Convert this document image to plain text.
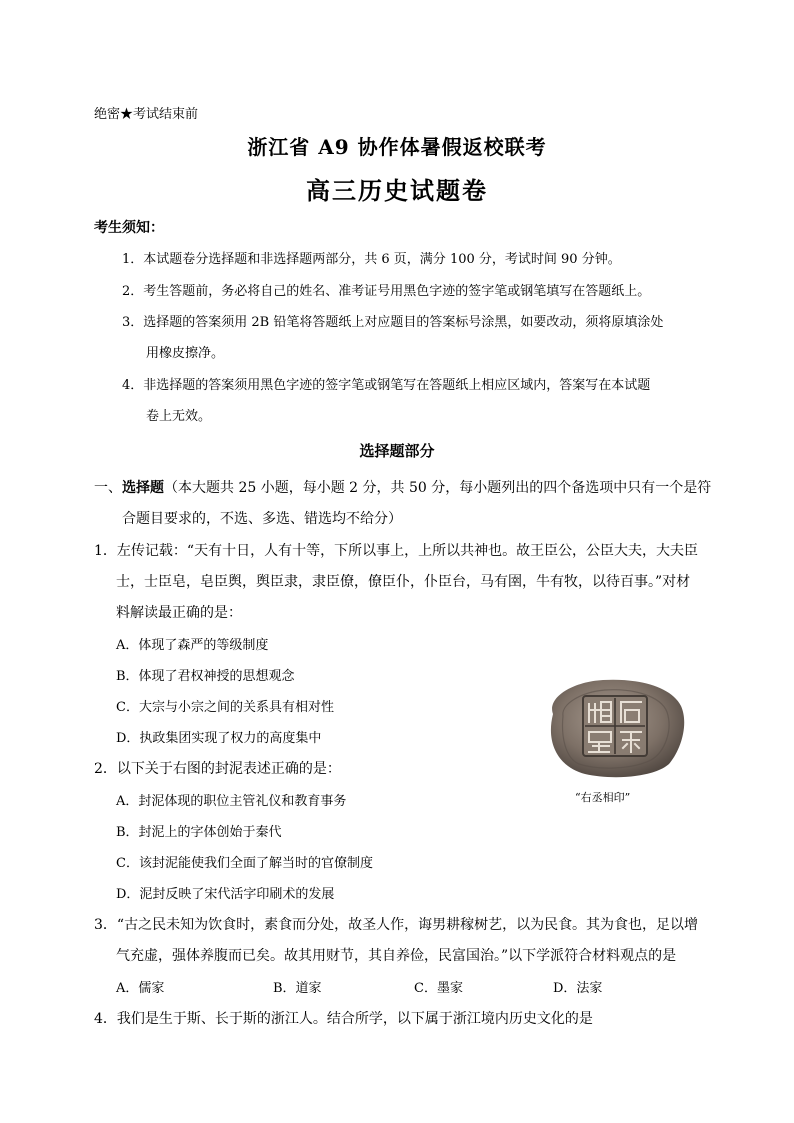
绝密★考试结束前
浙江省 A9 协作体暑假返校联考
高三历史试题卷
考生须知：
1．本试题卷分选择题和非选择题两部分，共 6 页，满分 100 分，考试时间 90 分钟。
2．考生答题前，务必将自己的姓名、准考证号用黑色字迹的签字笔或钢笔填写在答题纸上。
3．选择题的答案须用 2B 铅笔将答题纸上对应题目的答案标号涂黑，如要改动，须将原填涂处
用橡皮擦净。
4．非选择题的答案须用黑色字迹的签字笔或钢笔写在答题纸上相应区域内，答案写在本试题
卷上无效。
选择题部分
一、选择题（本大题共 25 小题，每小题 2 分，共 50 分，每小题列出的四个备选项中只有一个是符
合题目要求的，不选、多选、错选均不给分）
1．左传记载：“天有十日，人有十等，下所以事上，上所以共神也。故王臣公，公臣大夫，大夫臣
士，士臣皂，皂臣舆，舆臣隶，隶臣僚，僚臣仆，仆臣台，马有圉，牛有牧，以待百事。”对材
料解读最正确的是：
A．体现了森严的等级制度
B．体现了君权神授的思想观念
C．大宗与小宗之间的关系具有相对性
D．执政集团实现了权力的高度集中
2．以下关于右图的封泥表述正确的是：
A．封泥体现的职位主管礼仪和教育事务
B．封泥上的字体创始于秦代
C．该封泥能使我们全面了解当时的官僚制度
D．泥封反映了宋代活字印刷术的发展
“右丞相印”
3．“古之民未知为饮食时，素食而分处，故圣人作，诲男耕稼树艺，以为民食。其为食也，足以增
气充虚，强体养腹而已矣。故其用财节，其自养俭，民富国治。”以下学派符合材料观点的是
A．儒家	B．道家	C．墨家	D．法家
4．我们是生于斯、长于斯的浙江人。结合所学，以下属于浙江境内历史文化的是
